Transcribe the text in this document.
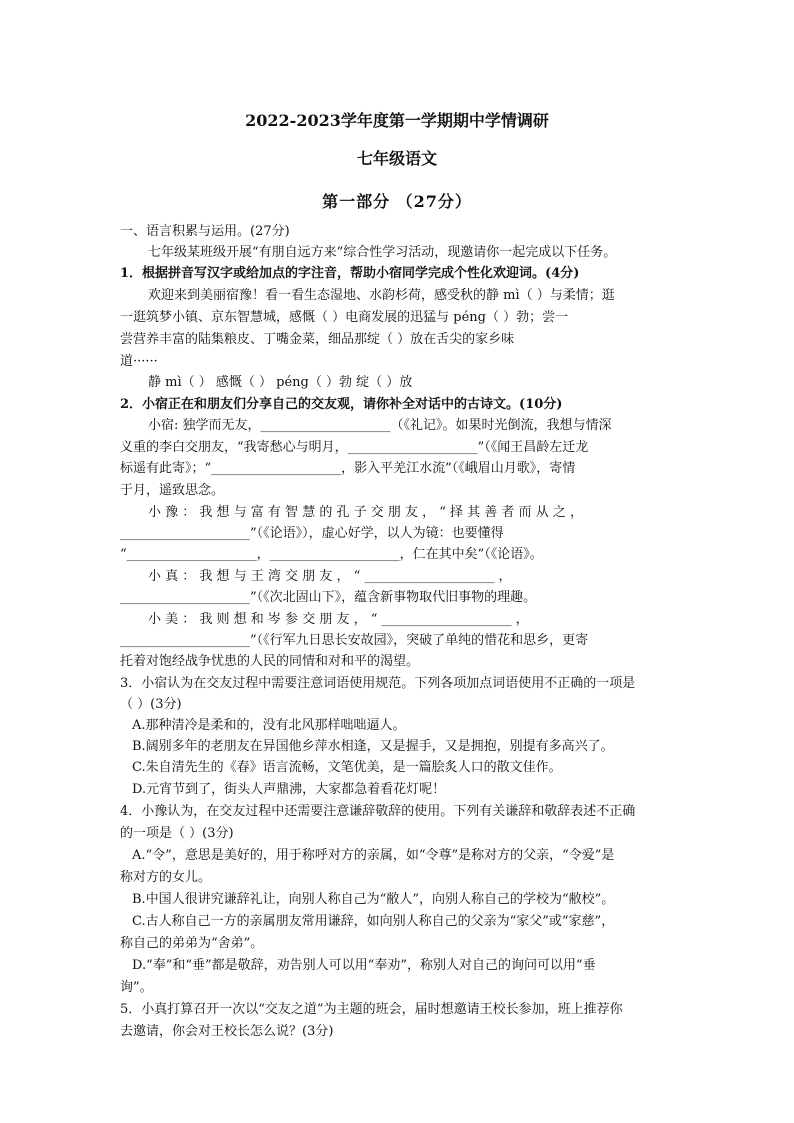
2022-2023学年度第一学期期中学情调研
七年级语文
第一部分 （27分）
一、语言积累与运用。(27分)
七年级某班级开展“有朋自远方来”综合性学习活动，现邀请你一起完成以下任务。
1．根据拼音写汉字或给加点的字注音，帮助小宿同学完成个性化欢迎词。(4分)
欢迎来到美丽宿豫！看一看生态湿地、水韵杉荷，感受秋的静 mì（ ）与柔情；逛
一逛筑梦小镇、京东智慧城，感慨（ ）电商发展的迅猛与 péng（ ）勃；尝一
尝营养丰富的陆集粮皮、丁嘴金菜，细品那绽（ ）放在舌尖的家乡味
道······
静 mì（ ） 感慨（ ） péng（ ）勃 绽（ ）放
2．小宿正在和朋友们分享自己的交友观，请你补全对话中的古诗文。(10分)
小宿: 独学而无友，____________________（《礼记》。如果时光倒流，我想与情深
义重的李白交朋友，“我寄愁心与明月，____________________”（《闻王昌龄左迁龙
标遥有此寄》；“____________________，影入平羌江水流”（《峨眉山月歌》，寄情
于月，遥致思念。
小 豫 ： 我 想 与 富 有 智 慧 的 孔 子 交 朋 友 ， “ 择 其 善 者 而 从 之 ，
____________________”（《论语》），虚心好学，以人为镜：也要懂得
“____________________，____________________，仁在其中矣”（《论语》。
小 真 ： 我 想 与 王 湾 交 朋 友 ， “ ____________________ ，
____________________”（《次北固山下》，蕴含新事物取代旧事物的理趣。
小 美 ： 我 则 想 和 岑 参 交 朋 友 ， “ ____________________ ，
____________________”（《行军九日思长安故园》，突破了单纯的惜花和思乡，更寄
托着对饱经战争忧患的人民的同情和对和平的渴望。
3．小宿认为在交友过程中需要注意词语使用规范。下列各项加点词语使用不正确的一项是
（ ）(3分)
A.那种清冷是柔和的，没有北风那样咄咄逼人。
B.阔别多年的老朋友在异国他乡萍水相逢，又是握手，又是拥抱，别提有多高兴了。
C.朱自清先生的《春》语言流畅，文笔优美，是一篇脍炙人口的散文佳作。
D.元宵节到了，街头人声鼎沸，大家都急着看花灯呢！
4．小豫认为，在交友过程中还需要注意谦辞敬辞的使用。下列有关谦辞和敬辞表述不正确
的一项是（ ）(3分)
A.“令”，意思是美好的，用于称呼对方的亲属，如“令尊”是称对方的父亲，“令爱”是
称对方的女儿。
B.中国人很讲究谦辞礼让，向别人称自己为“敝人”，向别人称自己的学校为“敝校”。
C.古人称自己一方的亲属朋友常用谦辞，如向别人称自己的父亲为“家父”或“家慈”，
称自己的弟弟为“舍弟”。
D.“奉”和“垂”都是敬辞，劝告别人可以用“奉劝”，称别人对自己的询问可以用“垂
询”。
5．小真打算召开一次以“交友之道”为主题的班会，届时想邀请王校长参加，班上推荐你
去邀请，你会对王校长怎么说？(3分)
